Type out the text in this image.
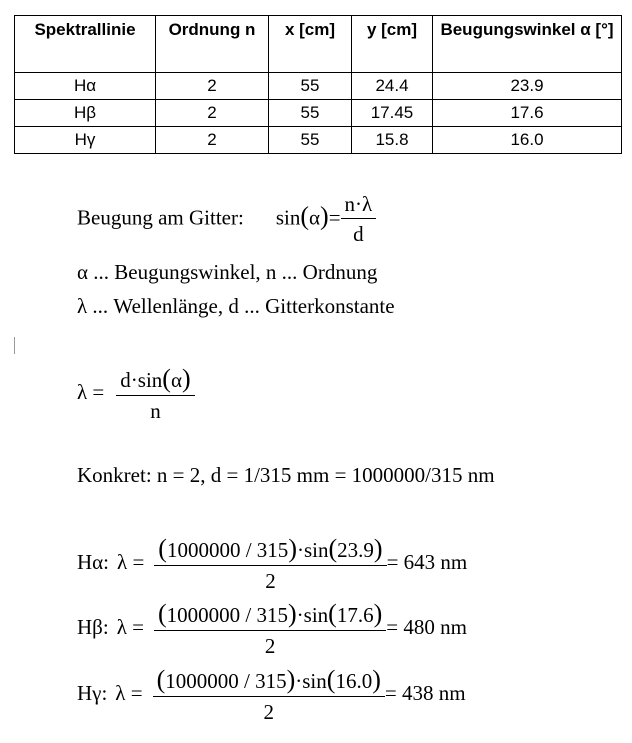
Spektrallinie	Ordnung n	x [cm]	y [cm]	Beugungswinkel α [°]
Hα	2	55	24.4	23.9
Hβ	2	55	17.45	17.6
Hγ	2	55	15.8	16.0
Beugung am Gitter: $\sin(\alpha)= \frac{n\cdot\lambda}{d}$
α ... Beugungswinkel, n ... Ordnung
λ ... Wellenlänge, d ... Gitterkonstante
$\lambda = \frac{d\cdot\sin(\alpha)}{n}$
Konkret: n = 2, d = 1/315 mm = 1000000/315 nm
Hα: $\lambda = \frac{(1000000 / 315)\cdot\sin(23.9)}{2} = 643$ nm
Hβ: $\lambda = \frac{(1000000 / 315)\cdot\sin(17.6)}{2} = 480$ nm
Hγ: $\lambda = \frac{(1000000 / 315)\cdot\sin(16.0)}{2} = 438$ nm
